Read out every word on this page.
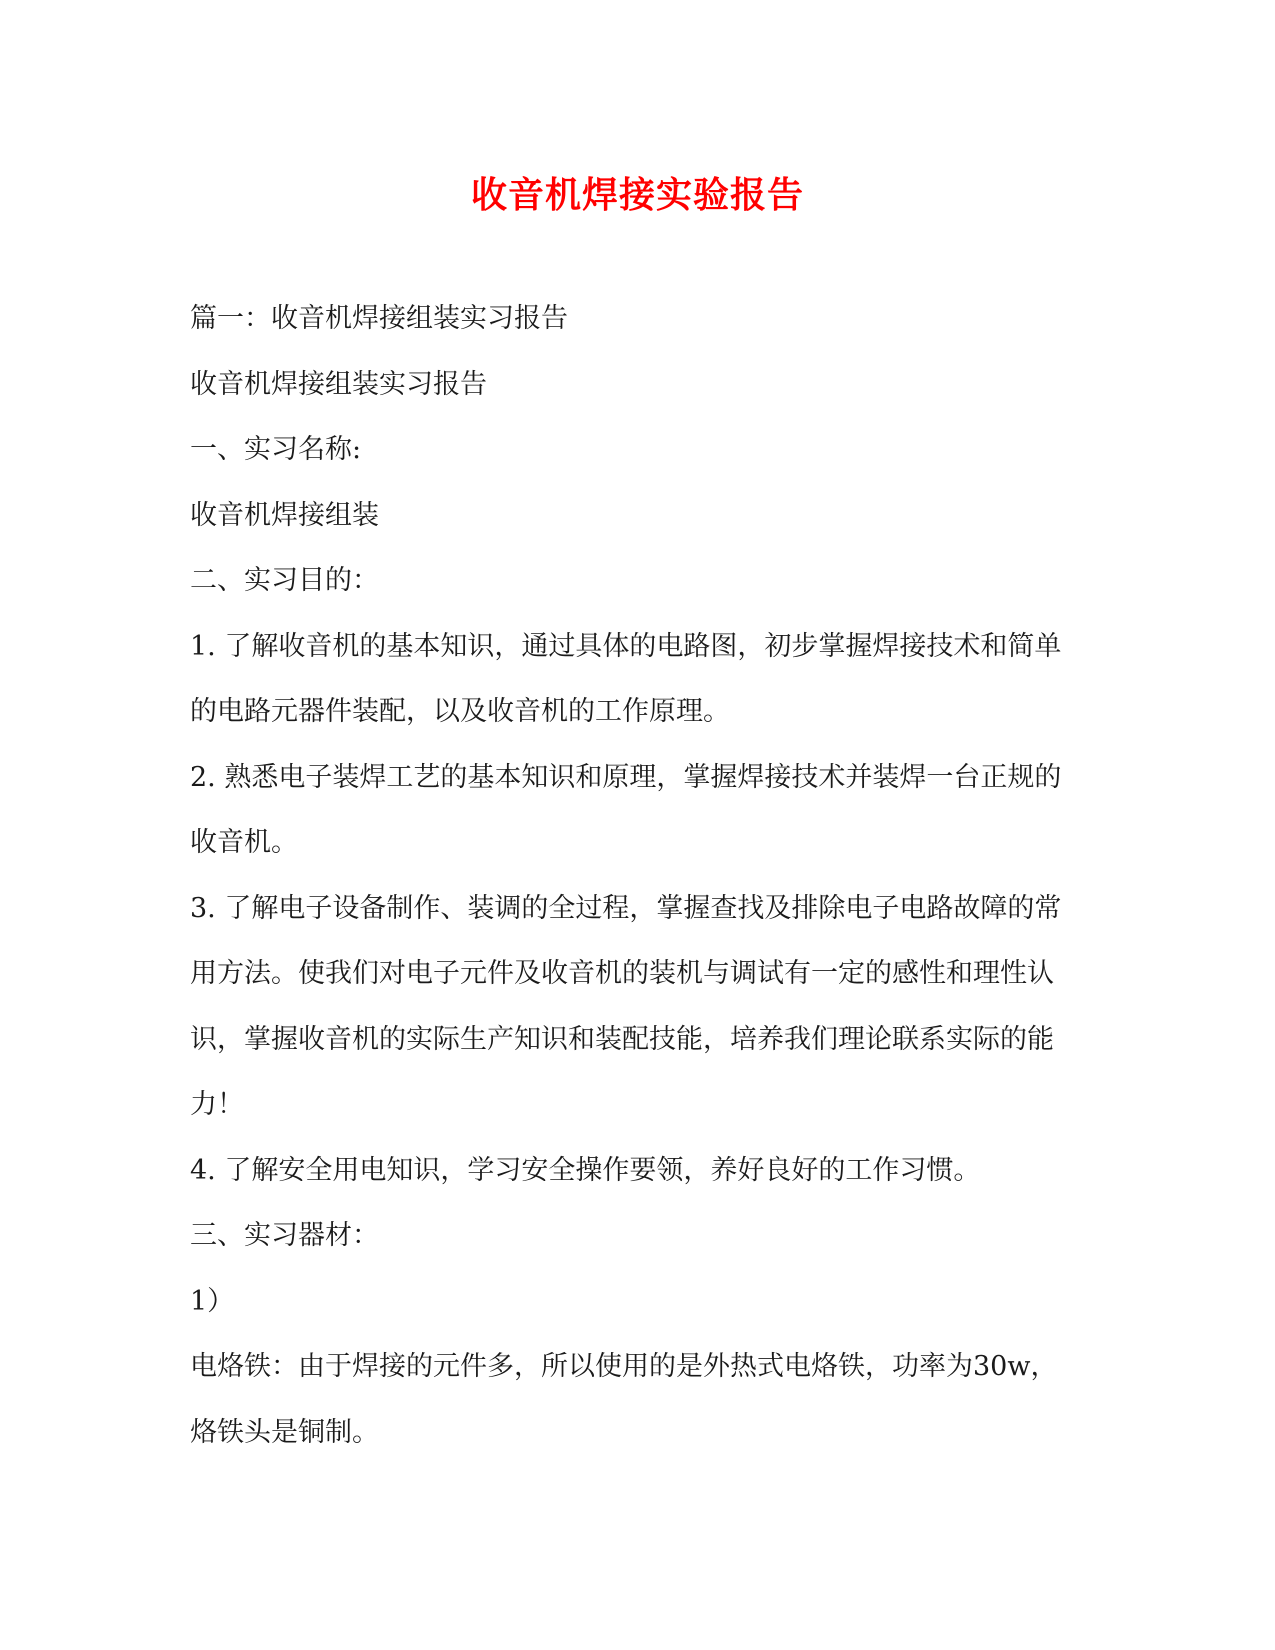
收音机焊接实验报告

篇一：收音机焊接组装实习报告

收音机焊接组装实习报告

一、实习名称:

收音机焊接组装

二、实习目的：

1. 了解收音机的基本知识，通过具体的电路图，初步掌握焊接技术和简单的电路元器件装配，以及收音机的工作原理。

2. 熟悉电子装焊工艺的基本知识和原理，掌握焊接技术并装焊一台正规的收音机。

3. 了解电子设备制作、装调的全过程，掌握查找及排除电子电路故障的常用方法。使我们对电子元件及收音机的装机与调试有一定的感性和理性认识，掌握收音机的实际生产知识和装配技能，培养我们理论联系实际的能力！

4. 了解安全用电知识，学习安全操作要领，养好良好的工作习惯。

三、实习器材：

1）

电烙铁：由于焊接的元件多，所以使用的是外热式电烙铁，功率为30w，烙铁头是铜制。
